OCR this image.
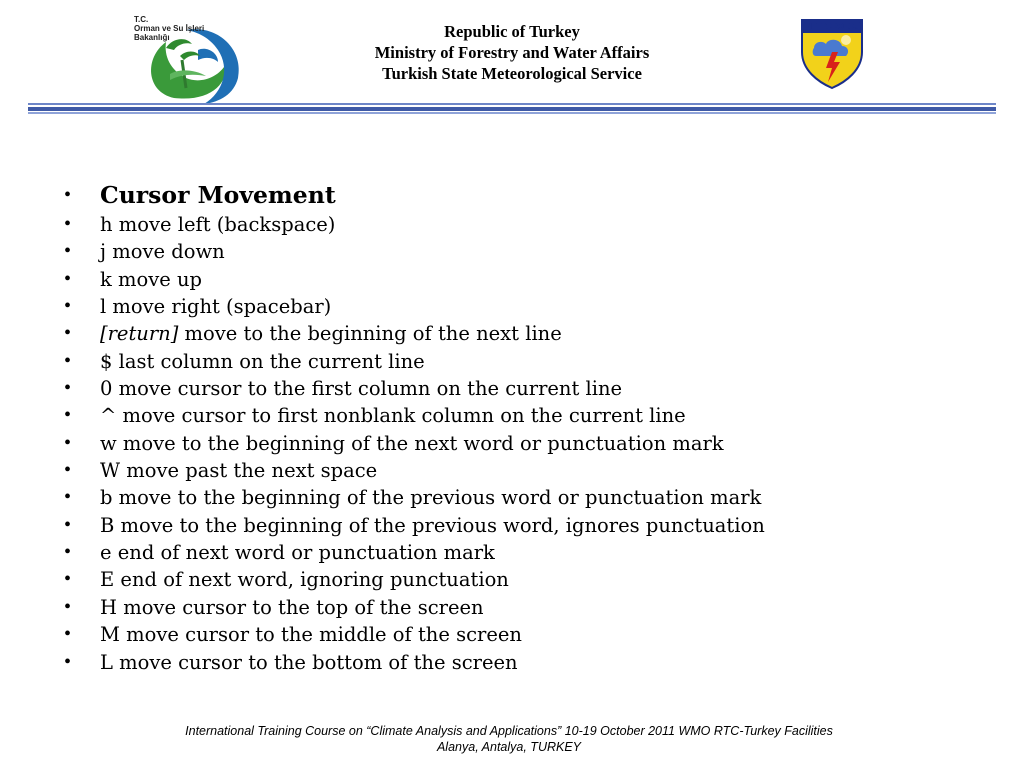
T.C.
Orman ve Su İşleri
Bakanlığı	Republic of Turkey
Ministry of Forestry and Water Affairs
Turkish State Meteorological Service
METEOROLOJİ
• Cursor Movement
• h move left (backspace)
• j move down
• k move up
• l move right (spacebar)
• [return] move to the beginning of the next line
• $ last column on the current line
• 0 move cursor to the first column on the current line
• ^ move cursor to first nonblank column on the current line
• w move to the beginning of the next word or punctuation mark
• W move past the next space
• b move to the beginning of the previous word or punctuation mark
• B move to the beginning of the previous word, ignores punctuation
• e end of next word or punctuation mark
• E end of next word, ignoring punctuation
• H move cursor to the top of the screen
• M move cursor to the middle of the screen
• L move cursor to the bottom of the screen
International Training Course on “Climate Analysis and Applications” 10-19 October 2011 WMO RTC-Turkey Facilities
Alanya, Antalya, TURKEY
